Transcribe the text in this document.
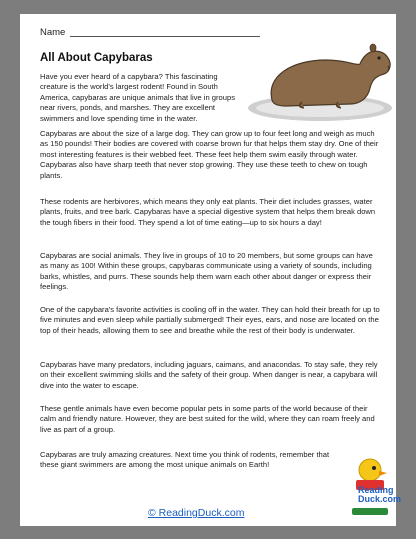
Name
All About Capybaras

Have you ever heard of a capybara? This fascinating creature is the world's largest rodent! Found in South America, capybaras are unique animals that live in groups near rivers, ponds, and marshes. They are excellent swimmers and love spending time in the water.

Capybaras are about the size of a large dog. They can grow up to four feet long and weigh as much as 150 pounds! Their bodies are covered with coarse brown fur that helps them stay dry. One of their most interesting features is their webbed feet. These feet help them swim easily through water. Capybaras also have sharp teeth that never stop growing. They use these teeth to chew on tough plants.

These rodents are herbivores, which means they only eat plants. Their diet includes grasses, water plants, fruits, and tree bark. Capybaras have a special digestive system that helps them break down the tough fibers in their food. They spend a lot of time eating—up to six hours a day!

Capybaras are social animals. They live in groups of 10 to 20 members, but some groups can have as many as 100! Within these groups, capybaras communicate using a variety of sounds, including barks, whistles, and purrs. These sounds help them warn each other about danger or express their feelings.

One of the capybara's favorite activities is cooling off in the water. They can hold their breath for up to five minutes and even sleep while partially submerged! Their eyes, ears, and nose are located on the top of their heads, allowing them to see and breathe while the rest of their body is underwater.

Capybaras have many predators, including jaguars, caimans, and anacondas. To stay safe, they rely on their excellent swimming skills and the safety of their group. When danger is near, a capybara will dive into the water to escape.

These gentle animals have even become popular pets in some parts of the world because of their calm and friendly nature. However, they are best suited for the wild, where they can roam freely and live as part of a group.

Capybaras are truly amazing creatures. Next time you think of rodents, remember that these giant swimmers are among the most unique animals on Earth!

Reading
Duck.com
© ReadingDuck.com
